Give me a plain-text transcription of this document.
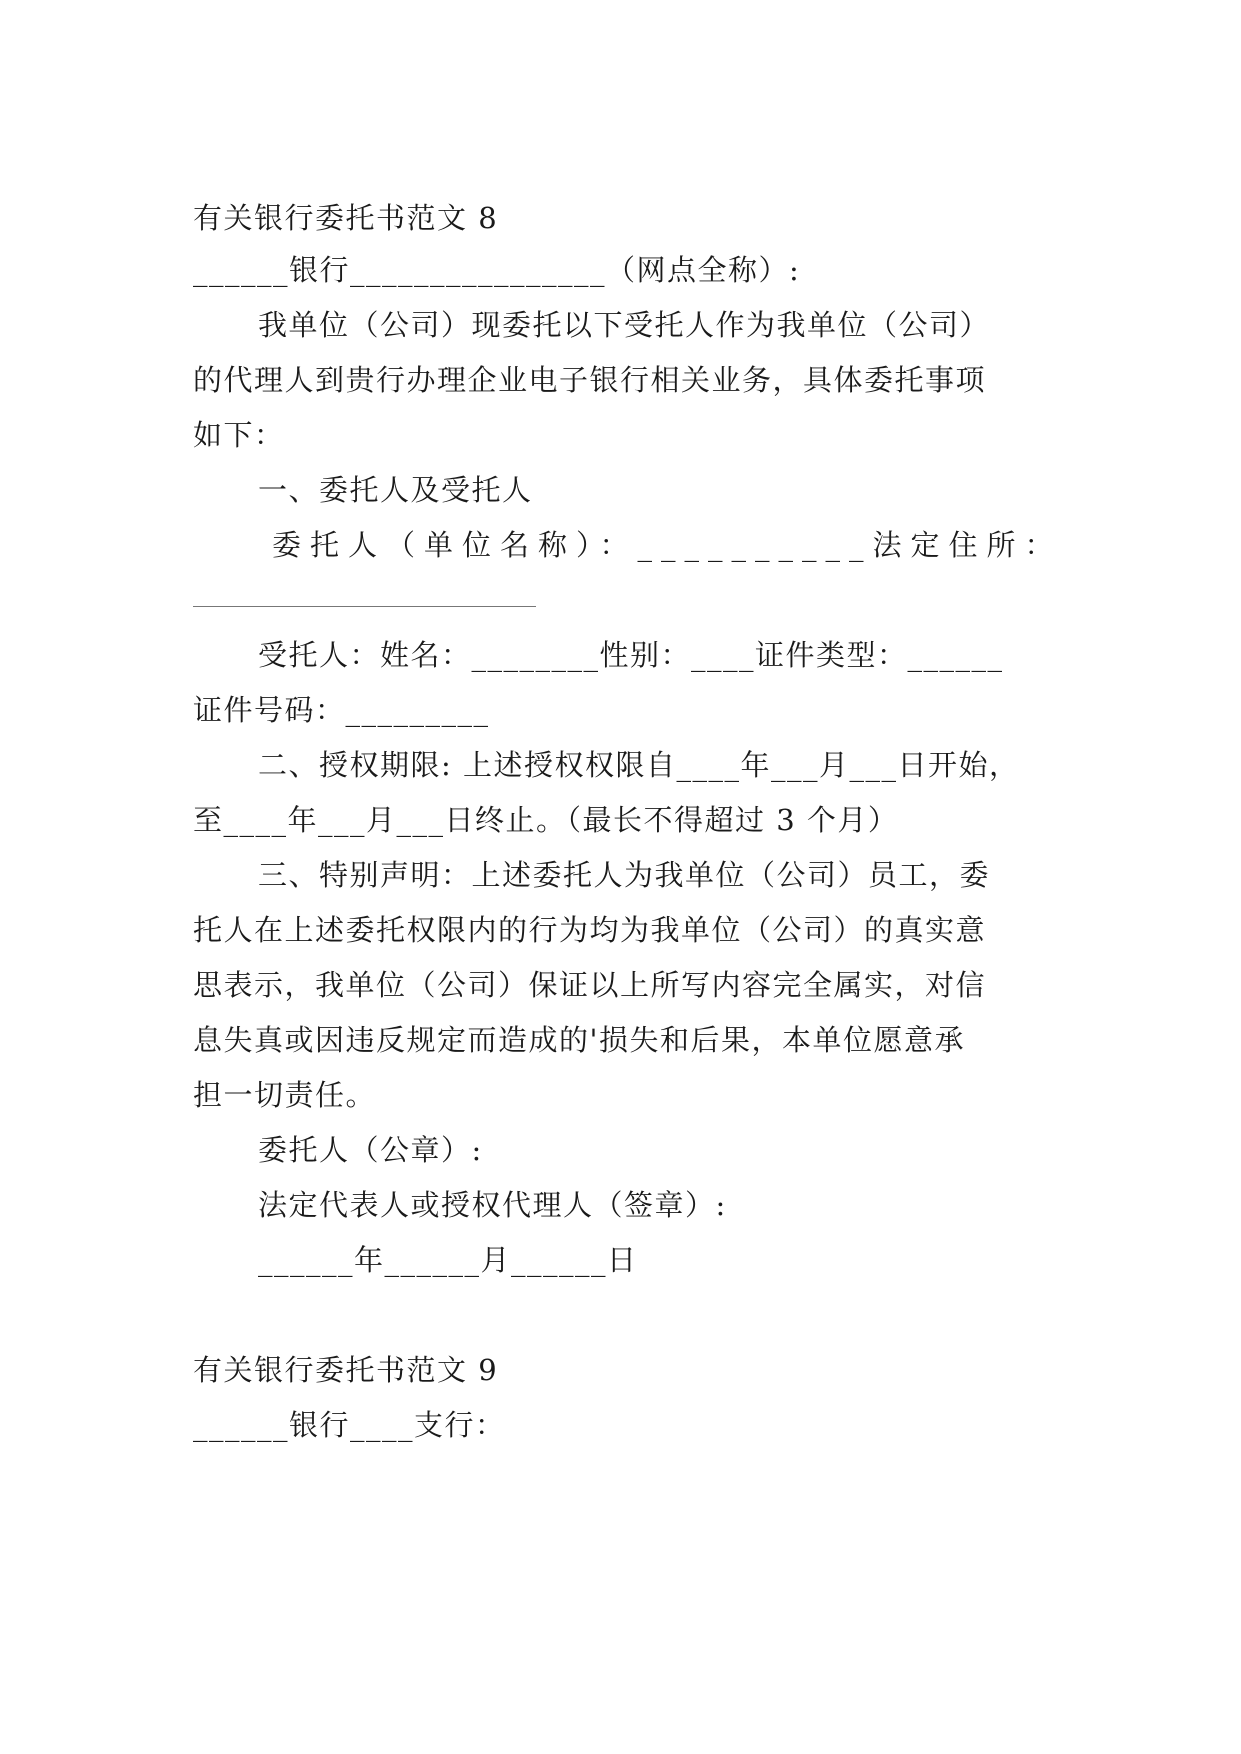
有关银行委托书范文 8
______银行________________（网点全称）:
我单位（公司）现委托以下受托人作为我单位（公司）
的代理人到贵行办理企业电子银行相关业务，具体委托事项
如下：
一、委托人及受托人
委托人（单位名称）：__________法定住所：
受托人：姓名：________性别：____证件类型：______
证件号码：_________
二、授权期限: 上述授权权限自____年___月___日开始，
至____年___月___日终止。（最长不得超过 3 个月）
三、特别声明：上述委托人为我单位（公司）员工，委
托人在上述委托权限内的行为均为我单位（公司）的真实意
思表示，我单位（公司）保证以上所写内容完全属实，对信
息失真或因违反规定而造成的'损失和后果，本单位愿意承
担一切责任。
委托人（公章）:
法定代表人或授权代理人（签章）:
______年______月______日
有关银行委托书范文 9
______银行____支行：
